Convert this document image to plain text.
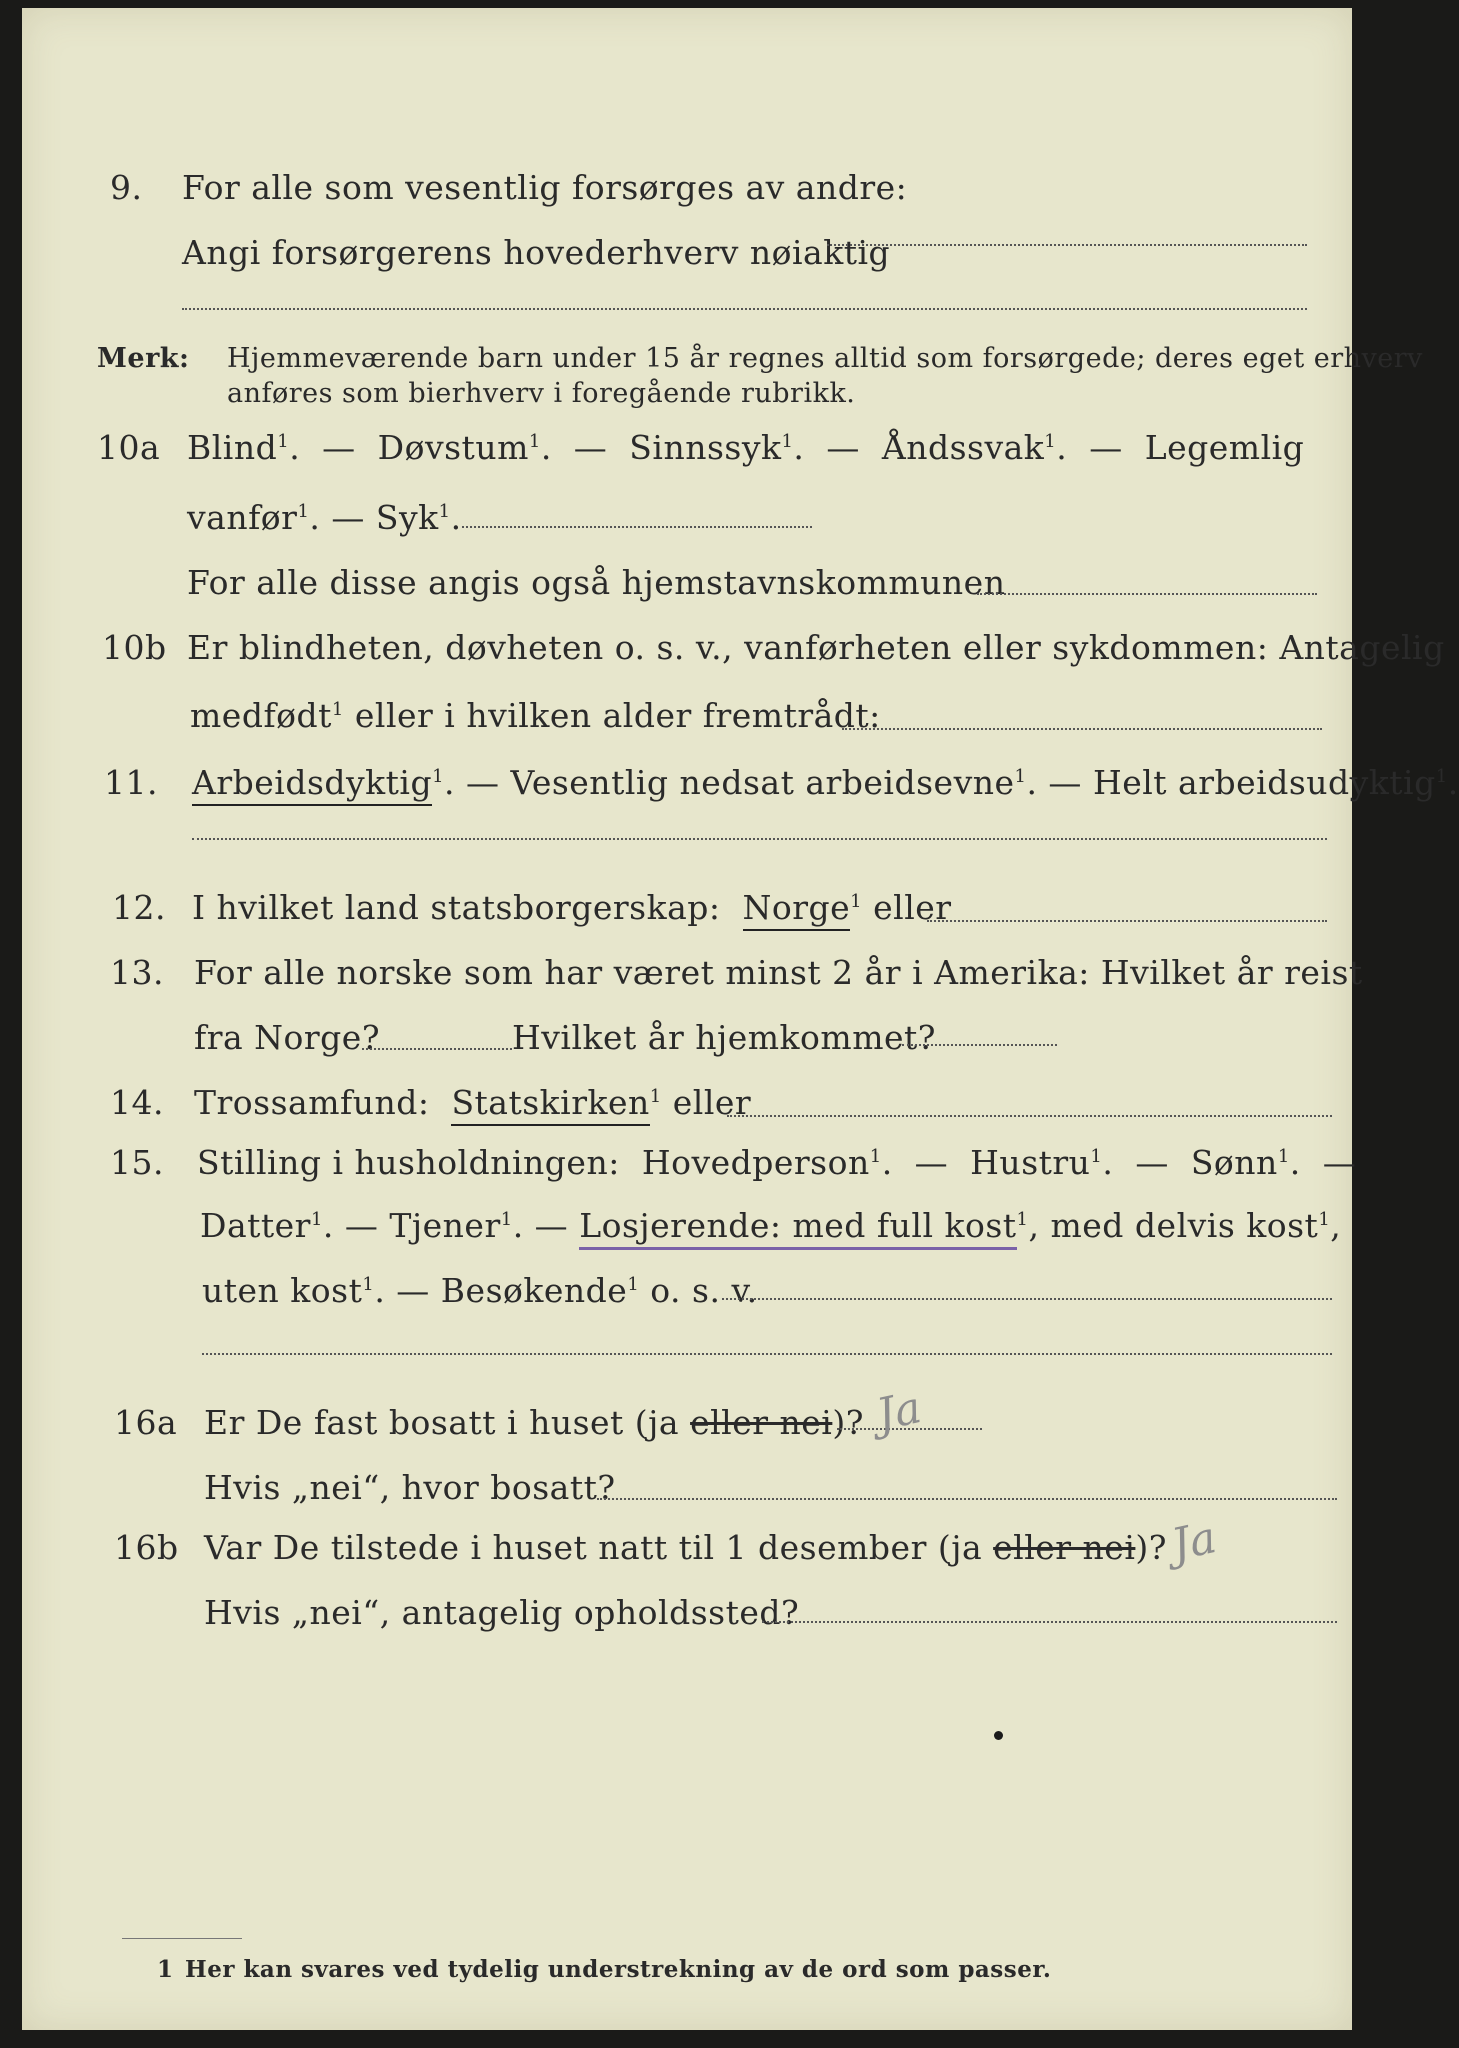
9.	For alle som vesentlig forsørges av andre:
Angi forsørgerens hovederhverv nøiaktig
Merk: Hjemmeværende barn under 15 år regnes alltid som forsørgede; deres eget erhverv
anføres som bierhverv i foregående rubrikk.
10a Blind$^1$.  —  Døvstum$^1$.  —  Sinnssyk$^1$.  —  Åndssvak$^1$.  —  Legemlig
vanfør$^1$. — Syk$^1$.
For alle disse angis også hjemstavnskommunen
10b Er blindheten, døvheten o. s. v., vanførheten eller sykdommen: Antagelig
medfødt$^1$ eller i hvilken alder fremtrådt:
11.	Arbeidsdyktig$^1$. — Vesentlig nedsat arbeidsevne$^1$. — Helt arbeidsudyktig$^1$.
12. I hvilket land statsborgerskap: Norge$^1$ eller
13. For alle norske som har været minst 2 år i Amerika: Hvilket år reist
fra Norge?	Hvilket år hjemkommet?
14. Trossamfund: Statskirken$^1$ eller
15.	Stilling i husholdningen: Hovedperson$^1$.  —  Hustru$^1$.  —  Sønn$^1$.  —
Datter$^1$. — Tjener$^1$. — Losjerende: med full kost$^1$, med delvis kost$^1$,
uten kost$^1$. — Besøkende$^1$ o. s. v.
16a Er De fast bosatt i huset (ja eller nei)? Ja
Hvis „nei“, hvor bosatt?
16b Var De tilstede i huset natt til 1 desember (ja eller nei)? Ja
Hvis „nei“, antagelig opholdssted?
1 Her kan svares ved tydelig understrekning av de ord som passer.
